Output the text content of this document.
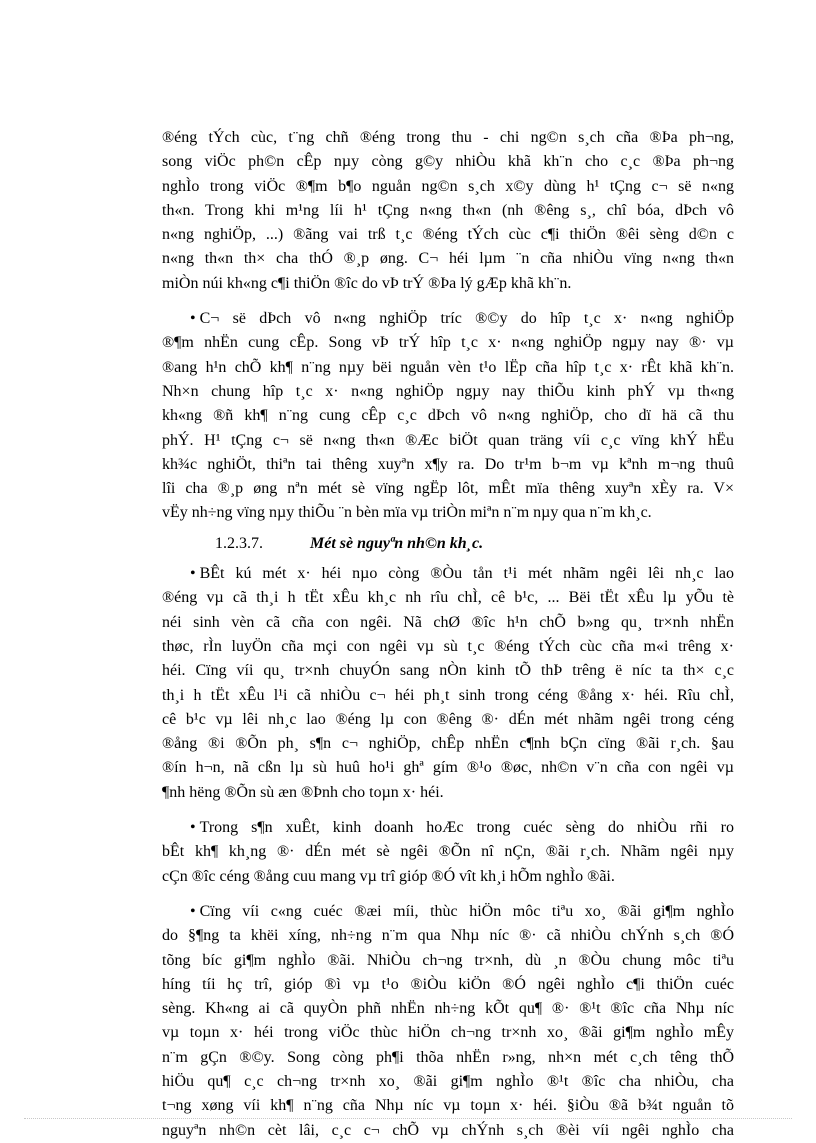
®éng tÝch cùc, t¨ng chñ ®éng trong thu - chi ng©n s¸ch cña ®Þa ph¬ng,

song viÖc ph©n cÊp nµy còng g©y nhiÒu khã kh¨n cho c¸c ®Þa ph¬ng

nghÌo trong viÖc ®¶m b¶o nguån ng©n s¸ch x©y dùng h¹ tÇng c¬ së n«ng

th«n. Trong khi m¹ng líi h¹ tÇng n«ng th«n (nh ®êng s¸, chî bóa, dÞch vô

n«ng nghiÖp, ...) ®ãng vai trß t¸c ®éng tÝch cùc c¶i thiÖn ®êi sèng d©n c

n«ng th«n th× cha thÓ ®¸p øng. C¬ héi lµm ¨n cña nhiÒu vïng n«ng th«n

miÒn núi kh«ng c¶i thiÖn ®îc do vÞ trÝ ®Þa lý gÆp khã kh¨n.

• C¬ së dÞch vô n«ng nghiÖp tríc ®©y do hîp t¸c x· n«ng nghiÖp

®¶m nhËn cung cÊp. Song vÞ trÝ hîp t¸c x· n«ng nghiÖp ngµy nay ®· vµ

®ang h¹n chÕ kh¶ n¨ng nµy bëi nguån vèn t¹o lËp cña hîp t¸c x· rÊt khã kh¨n.

Nh×n chung hîp t¸c x· n«ng nghiÖp ngµy nay thiÕu kinh phÝ vµ th«ng

kh«ng ®ñ kh¶ n¨ng cung cÊp c¸c dÞch vô n«ng nghiÖp, cho dï hä cã thu

phÝ. H¹ tÇng c¬ së n«ng th«n ®Æc biÖt quan träng víi c¸c vïng khÝ hËu

kh¾c nghiÖt, thiªn tai thêng xuyªn x¶y ra. Do tr¹m b¬m vµ kªnh m¬ng thuû

lîi cha ®¸p øng nªn mét sè vïng ngËp lôt, mÊt mïa thêng xuyªn xÈy ra. V×

vËy nh÷ng vïng nµy thiÕu ¨n bèn mïa vµ triÒn miªn n¨m nµy qua n¨m kh¸c.

1.2.3.7.	Mét sè nguyªn nh©n kh¸c.

• BÊt kú mét x· héi nµo còng ®Òu tån t¹i mét nhãm ngêi lêi nh¸c lao

®éng vµ cã th¸i h tËt xÊu kh¸c nh rîu chÌ, cê b¹c, ... Bëi tËt xÊu lµ yÕu tè

néi sinh vèn cã cña con ngêi. Nã chØ ®îc h¹n chÕ b»ng qu¸ tr×nh nhËn

thøc, rÌn luyÖn cña mçi con ngêi vµ sù t¸c ®éng tÝch cùc cña m«i trêng x·

héi. Cïng víi qu¸ tr×nh chuyÓn sang nÒn kinh tÕ thÞ trêng ë níc ta th× c¸c

th¸i h tËt xÊu l¹i cã nhiÒu c¬ héi ph¸t sinh trong céng ®ång x· héi. Rîu chÌ,

cê b¹c vµ lêi nh¸c lao ®éng lµ con ®êng ®· dÉn mét nhãm ngêi trong céng

®ång ®i ®Õn ph¸ s¶n c¬ nghiÖp, chÊp nhËn c¶nh bÇn cïng ®ãi r¸ch. §au

®ín h¬n, nã cßn lµ sù huû ho¹i ghª gím ®¹o ®øc, nh©n v¨n cña con ngêi vµ

¶nh hëng ®Õn sù æn ®Þnh cho toµn x· héi.

• Trong s¶n xuÊt, kinh doanh hoÆc trong cuéc sèng do nhiÒu rñi ro

bÊt kh¶ kh¸ng ®· dÉn mét sè ngêi ®Õn nî nÇn, ®ãi r¸ch. Nhãm ngêi nµy

cÇn ®îc céng ®ång cuu mang vµ trî gióp ®Ó vît kh¸i hÕm nghÌo ®ãi.

• Cïng víi c«ng cuéc ®æi míi, thùc hiÖn môc tiªu xo¸ ®ãi gi¶m nghÌo

do §¶ng ta khëi xíng, nh÷ng n¨m qua Nhµ níc ®· cã nhiÒu chÝnh s¸ch ®Ó

tõng bíc gi¶m nghÌo ®ãi. NhiÒu ch¬ng tr×nh, dù ¸n ®Òu chung môc tiªu

híng tíi hç trî, gióp ®ì vµ t¹o ®iÒu kiÖn ®Ó ngêi nghÌo c¶i thiÖn cuéc

sèng. Kh«ng ai cã quyÒn phñ nhËn nh÷ng kÕt qu¶ ®· ®¹t ®îc cña Nhµ níc

vµ toµn x· héi trong viÖc thùc hiÖn ch¬ng tr×nh xo¸ ®ãi gi¶m nghÌo mÊy

n¨m gÇn ®©y. Song còng ph¶i thõa nhËn r»ng, nh×n mét c¸ch têng thÕ

hiÖu qu¶ c¸c ch¬ng tr×nh xo¸ ®ãi gi¶m nghÌo ®¹t ®îc cha nhiÒu, cha

t¬ng xøng víi kh¶ n¨ng cña Nhµ níc vµ toµn x· héi. §iÒu ®ã b¾t nguån tõ

nguyªn nh©n cèt lâi, c¸c c¬ chÕ vµ chÝnh s¸ch ®èi víi ngêi nghÌo cha
